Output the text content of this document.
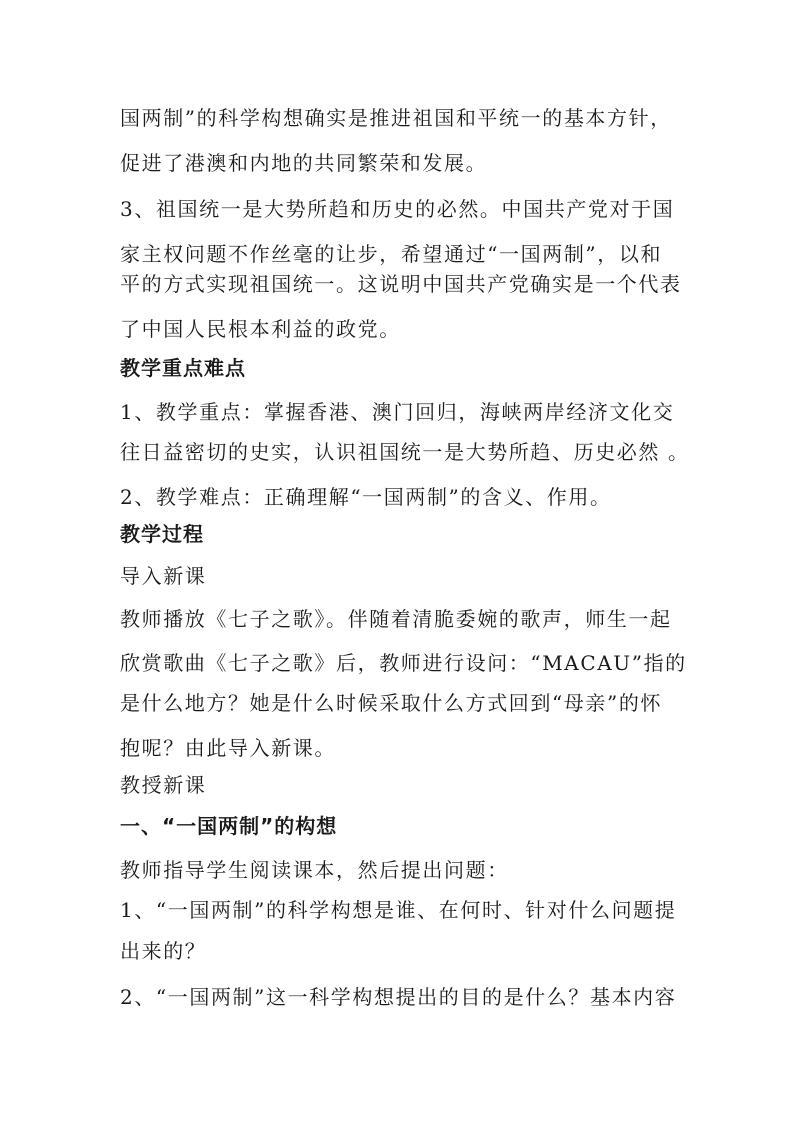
国两制”的科学构想确实是推进祖国和平统一的基本方针，
促进了港澳和内地的共同繁荣和发展。
3、祖国统一是大势所趋和历史的必然。中国共产党对于国
家主权问题不作丝毫的让步，希望通过“一国两制”，以和
平的方式实现祖国统一。这说明中国共产党确实是一个代表
了中国人民根本利益的政党。
教学重点难点
1、教学重点：掌握香港、澳门回归，海峡两岸经济文化交
往日益密切的史实，认识祖国统一是大势所趋、历史必然 。
2、教学难点：正确理解“一国两制”的含义、作用。
教学过程
导入新课
教师播放《七子之歌》。伴随着清脆委婉的歌声，师生一起
欣赏歌曲《七子之歌》后，教师进行设问：“MACAU”指的
是什么地方？她是什么时候采取什么方式回到“母亲”的怀
抱呢？由此导入新课。
教授新课
一、“一国两制”的构想
教师指导学生阅读课本，然后提出问题：
1、“一国两制”的科学构想是谁、在何时、针对什么问题提
出来的？
2、“一国两制”这一科学构想提出的目的是什么？基本内容
